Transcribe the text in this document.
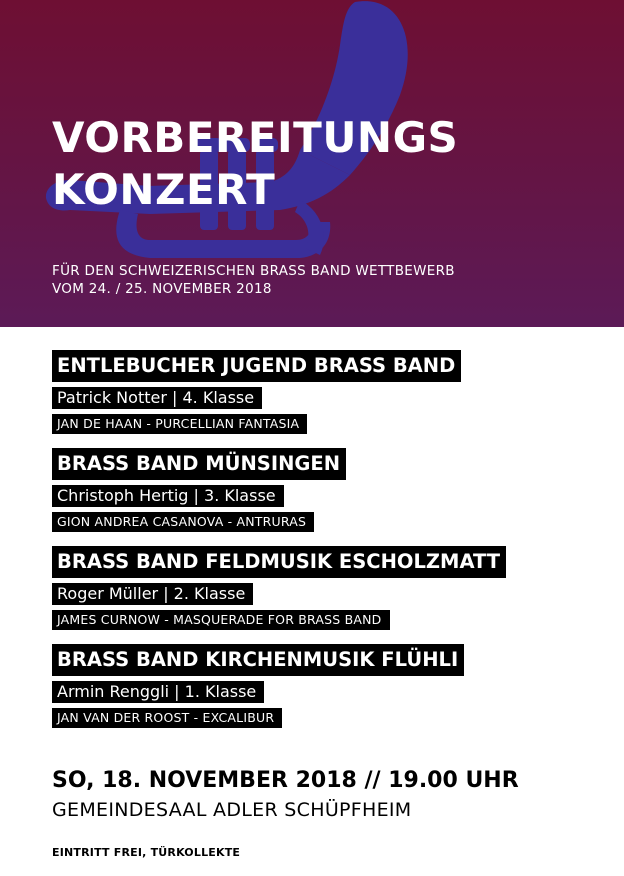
VORBEREITUNGS
KONZERT
FÜR DEN SCHWEIZERISCHEN BRASS BAND WETTBEWERB
VOM 24. / 25. NOVEMBER 2018
ENTLEBUCHER JUGEND BRASS BAND
Patrick Notter | 4. Klasse
JAN DE HAAN - PURCELLIAN FANTASIA
BRASS BAND MÜNSINGEN
Christoph Hertig | 3. Klasse
GION ANDREA CASANOVA - ANTRURAS
BRASS BAND FELDMUSIK ESCHOLZMATT
Roger Müller | 2. Klasse
JAMES CURNOW - MASQUERADE FOR BRASS BAND
BRASS BAND KIRCHENMUSIK FLÜHLI
Armin Renggli | 1. Klasse
JAN VAN DER ROOST - EXCALIBUR
SO, 18. NOVEMBER 2018 // 19.00 UHR
GEMEINDESAAL ADLER SCHÜPFHEIM
EINTRITT FREI, TÜRKOLLEKTE
